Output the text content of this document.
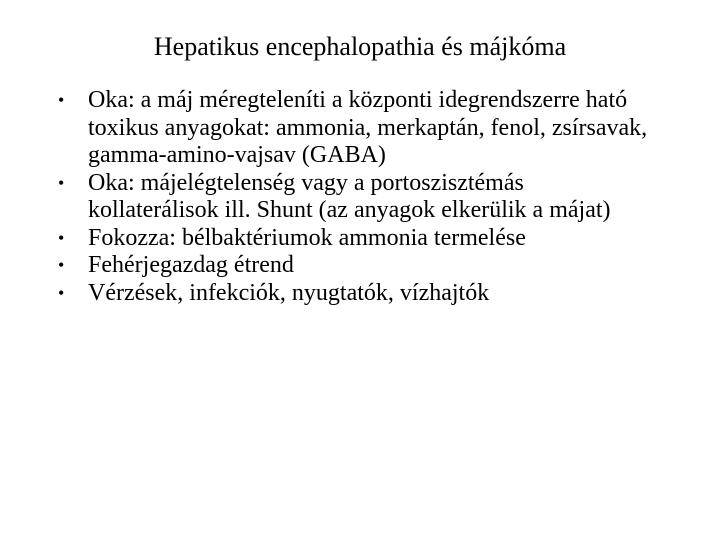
Hepatikus encephalopathia és májkóma
• Oka: a máj méregteleníti a központi idegrendszerre ható toxikus anyagokat: ammonia, merkaptán, fenol, zsírsavak, gamma-amino-vajsav (GABA)
• Oka: májelégtelenség vagy a portoszisztémás kollaterálisok ill. Shunt (az anyagok elkerülik a májat)
• Fokozza: bélbaktériumok ammonia termelése
• Fehérjegazdag étrend
• Vérzések, infekciók, nyugtatók, vízhajtók
